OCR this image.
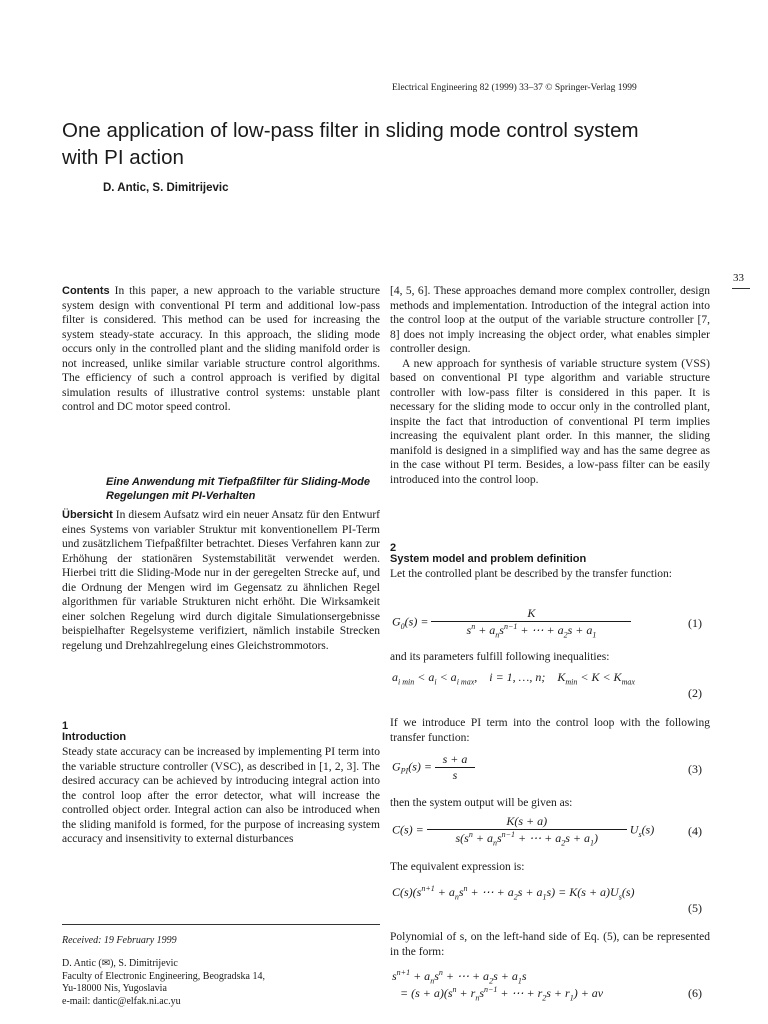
Electrical Engineering 82 (1999) 33–37 © Springer-Verlag 1999
One application of low-pass filter in sliding mode control system
with PI action
D. Antic, S. Dimitrijevic
33

Contents In this paper, a new approach to the variable structure system design with conventional PI term and additional low-pass filter is considered. This method can be used for increasing the system steady-state accuracy. In this approach, the sliding mode occurs only in the controlled plant and the sliding manifold order is not increased, unlike similar variable structure control algorithms. The efficiency of such a control approach is verified by digital simulation results of illustrative control systems: unstable plant control and DC motor speed control.

Eine Anwendung mit Tiefpaßfilter für Sliding-Mode Regelungen mit PI-Verhalten

Übersicht In diesem Aufsatz wird ein neuer Ansatz für den Entwurf eines Systems von variabler Struktur mit konventionellem PI-Term und zusätzlichem Tiefpaßfilter betrachtet. Dieses Verfahren kann zur Erhöhung der stationären Systemstabilität verwendet werden. Hierbei tritt die Sliding-Mode nur in der geregelten Strecke auf, und die Ordnung der Mengen wird im Gegensatz zu ähnlichen Regel algorithmen für variable Strukturen nicht erhöht. Die Wirksamkeit einer solchen Regelung wird durch digitale Simulationsergebnisse beispielhafter Regelsysteme verifiziert, nämlich instabile Strecken regelung und Drehzahlregelung eines Gleichstrommotors.

1
Introduction

Steady state accuracy can be increased by implementing PI term into the variable structure controller (VSC), as described in [1, 2, 3]. The desired accuracy can be achieved by introducing integral action into the control loop after the error detector, what will increase the controlled object order. Integral action can also be introduced when the sliding manifold is formed, for the purpose of increasing system accuracy and insensitivity to external disturbances

Received: 19 February 1999
D. Antic (✉), S. Dimitrijevic
Faculty of Electronic Engineering, Beogradska 14,
Yu-18000 Nis, Yugoslavia
e-mail: dantic@elfak.ni.ac.yu

[4, 5, 6]. These approaches demand more complex controller, design methods and implementation. Introduction of the integral action into the control loop at the output of the variable structure controller [7, 8] does not imply increasing the object order, what enables simpler controller design.

A new approach for synthesis of variable structure system (VSS) based on conventional PI type algorithm and variable structure controller with low-pass filter is considered in this paper. It is necessary for the sliding mode to occur only in the controlled plant, inspite the fact that introduction of conventional PI term implies increasing the equivalent plant order. In this manner, the sliding manifold is designed in a simplified way and has the same degree as in the case without PI term. Besides, a low-pass filter can be easily introduced into the control loop.

2
System model and problem definition

Let the controlled plant be described by the transfer function:

$G_0(s) = \frac{K}{s^n + a_ns^{n-1} + \cdots + a_2s + a_1}$	(1)

and its parameters fulfill following inequalities:

$a_{i min} < a_i < a_{i max}$,    i = 1, …, n;    $K_{min} < K < K_{max}$
(2)

If we introduce PI term into the control loop with the following transfer function:

$G_{PI}(s) = \frac{s + a}{s}$	(3)

then the system output will be given as:

$C(s) = \frac{K(s + a)}{s(s^n + a_ns^{n-1} + \cdots + a_2s + a_1)} U_s(s)$	(4)

The equivalent expression is:

$C(s)(s^{n+1} + a_ns^n$ + ⋯ + $a_2s + a_1s) = K(s + a)U_s(s)$
(5)

Polynomial of s, on the left-hand side of Eq. (5), can be represented in the form:

$s^{n+1} + a_ns^n$ + ⋯ + $a_2s + a_1s$
= $(s + a)(s^n + r_ns^{n-1}$ + ⋯ + $r_2s + r_1$) + av	(6)
